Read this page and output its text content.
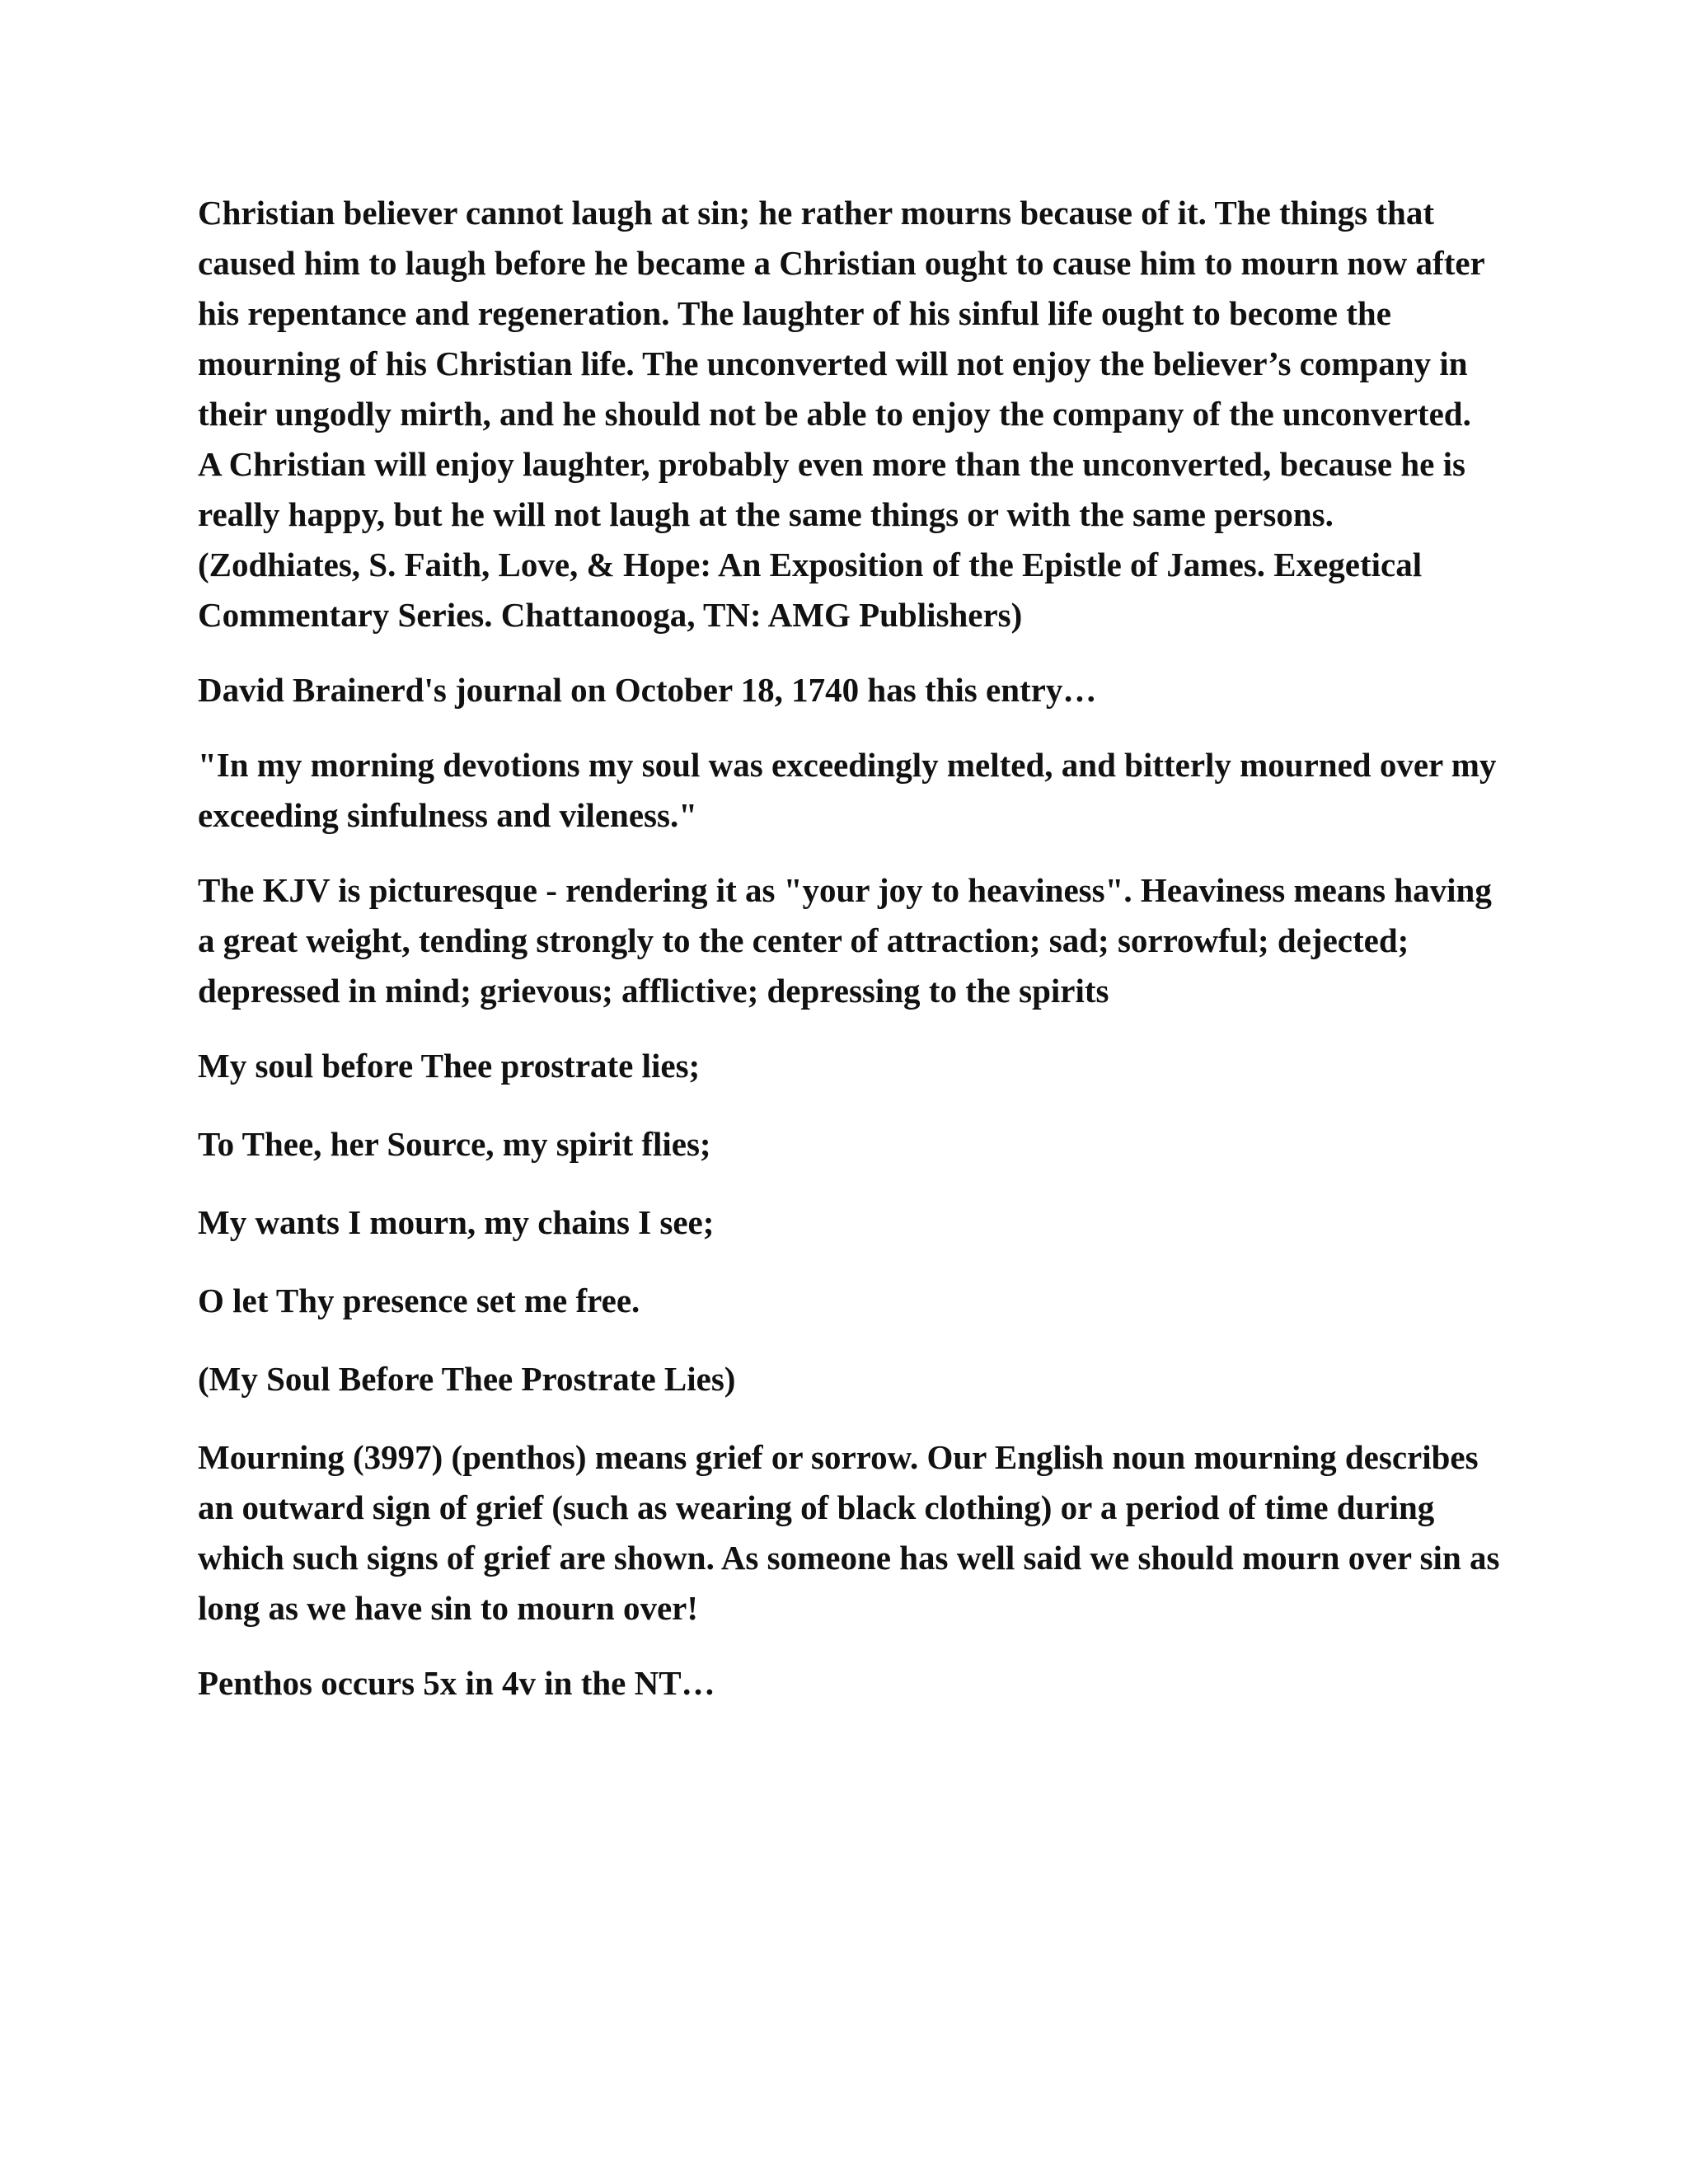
Christian believer cannot laugh at sin; he rather mourns because of it. The things that caused him to laugh before he became a Christian ought to cause him to mourn now after his repentance and regeneration. The laughter of his sinful life ought to become the mourning of his Christian life. The unconverted will not enjoy the believer’s company in their ungodly mirth, and he should not be able to enjoy the company of the unconverted. A Christian will enjoy laughter, probably even more than the unconverted, because he is really happy, but he will not laugh at the same things or with the same persons. (Zodhiates, S. Faith, Love, & Hope: An Exposition of the Epistle of James. Exegetical Commentary Series. Chattanooga, TN: AMG Publishers)

David Brainerd's journal on October 18, 1740 has this entry…

"In my morning devotions my soul was exceedingly melted, and bitterly mourned over my exceeding sinfulness and vileness."

The KJV is picturesque - rendering it as "your joy to heaviness". Heaviness means having a great weight, tending strongly to the center of attraction; sad; sorrowful; dejected; depressed in mind; grievous; afflictive; depressing to the spirits

My soul before Thee prostrate lies;

To Thee, her Source, my spirit flies;

My wants I mourn, my chains I see;

O let Thy presence set me free.

(My Soul Before Thee Prostrate Lies)

Mourning (3997) (penthos) means grief or sorrow. Our English noun mourning describes an outward sign of grief (such as wearing of black clothing) or a period of time during which such signs of grief are shown. As someone has well said we should mourn over sin as long as we have sin to mourn over!

Penthos occurs 5x in 4v in the NT…
